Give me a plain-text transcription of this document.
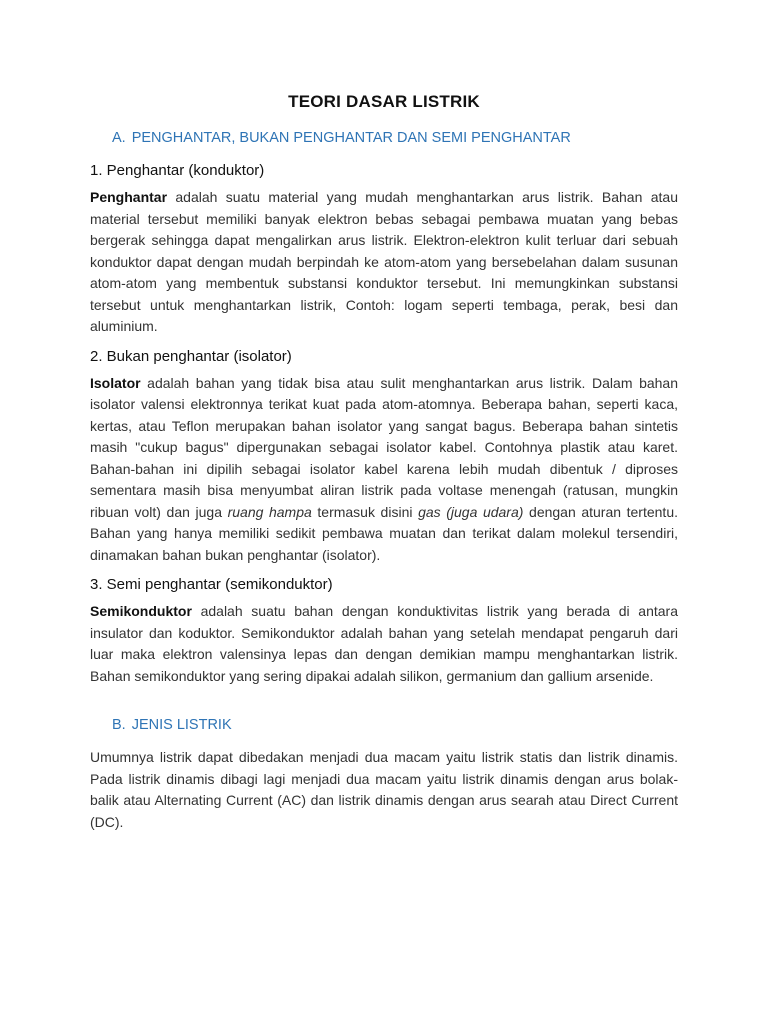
TEORI DASAR LISTRIK
A. PENGHANTAR, BUKAN PENGHANTAR DAN SEMI PENGHANTAR
1. Penghantar (konduktor)

Penghantar adalah suatu material yang mudah menghantarkan arus listrik. Bahan atau material tersebut memiliki banyak elektron bebas sebagai pembawa muatan yang bebas bergerak sehingga dapat mengalirkan arus listrik. Elektron-elektron kulit terluar dari sebuah konduktor dapat dengan mudah berpindah ke atom-atom yang bersebelahan dalam susunan atom-atom yang membentuk substansi konduktor tersebut. Ini memungkinkan substansi tersebut untuk menghantarkan listrik, Contoh: logam seperti tembaga, perak, besi dan aluminium.

2. Bukan penghantar (isolator)

Isolator adalah bahan yang tidak bisa atau sulit menghantarkan arus listrik. Dalam bahan isolator valensi elektronnya terikat kuat pada atom-atomnya. Beberapa bahan, seperti kaca, kertas, atau Teflon merupakan bahan isolator yang sangat bagus. Beberapa bahan sintetis masih "cukup bagus" dipergunakan sebagai isolator kabel. Contohnya plastik atau karet. Bahan-bahan ini dipilih sebagai isolator kabel karena lebih mudah dibentuk / diproses sementara masih bisa menyumbat aliran listrik pada voltase menengah (ratusan, mungkin ribuan volt) dan juga ruang hampa termasuk disini gas (juga udara) dengan aturan tertentu. Bahan yang hanya memiliki sedikit pembawa muatan dan terikat dalam molekul tersendiri, dinamakan bahan bukan penghantar (isolator).

3. Semi penghantar (semikonduktor)

Semikonduktor adalah suatu bahan dengan konduktivitas listrik yang berada di antara insulator dan koduktor. Semikonduktor adalah bahan yang setelah mendapat pengaruh dari luar maka elektron valensinya lepas dan dengan demikian mampu menghantarkan listrik. Bahan semikonduktor yang sering dipakai adalah silikon, germanium dan gallium arsenide.

B. JENIS LISTRIK

Umumnya listrik dapat dibedakan menjadi dua macam yaitu listrik statis dan listrik dinamis. Pada listrik dinamis dibagi lagi menjadi dua macam yaitu listrik dinamis dengan arus bolak-balik atau Alternating Current (AC) dan listrik dinamis dengan arus searah atau Direct Current (DC).
